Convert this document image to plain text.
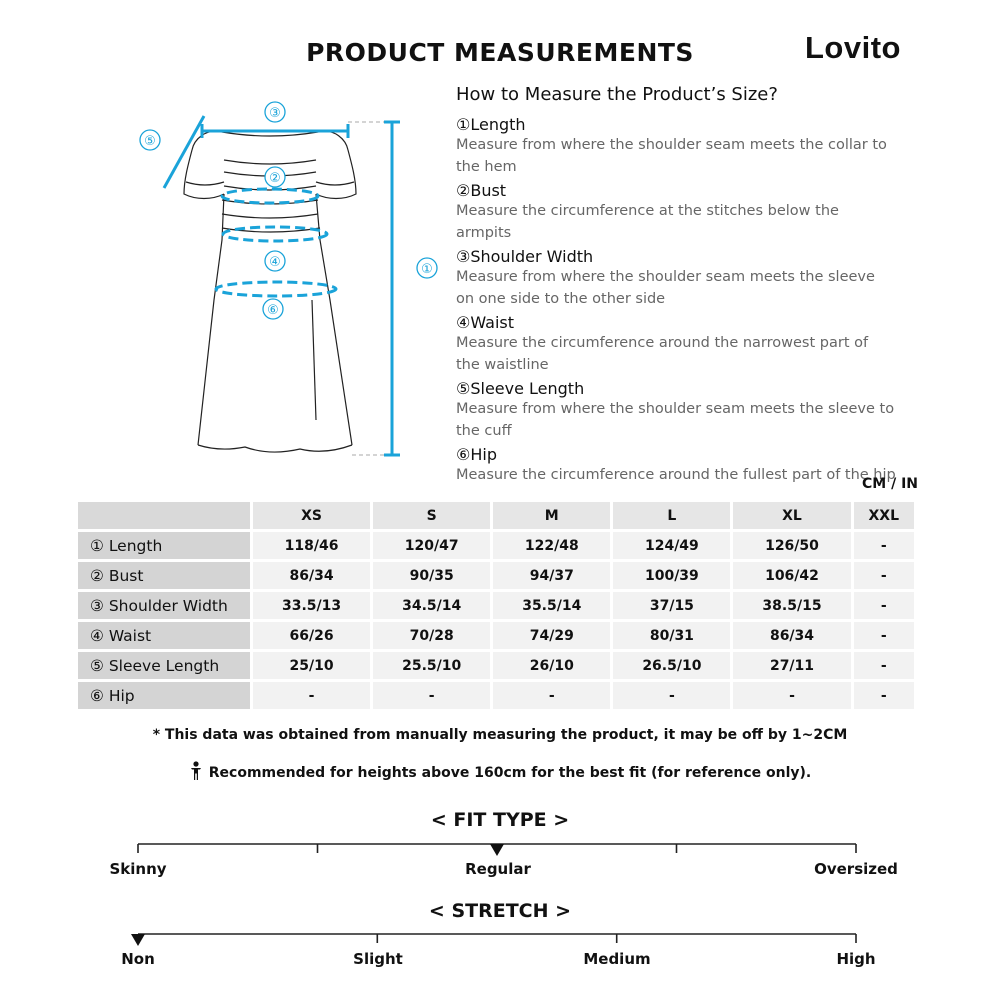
PRODUCT MEASUREMENTS	Lovito
③
⑤
②
④
⑥
①
How to Measure the Product’s Size?
①Length
Measure from where the shoulder seam meets the collar to the hem
②Bust
Measure the circumference at the stitches below the armpits
③Shoulder Width
Measure from where the shoulder seam meets the sleeve on one side to the other side
④Waist
Measure the circumference around the narrowest part of the waistline
⑤Sleeve Length
Measure from where the shoulder seam meets the sleeve to the cuff
⑥Hip
Measure the circumference around the fullest part of the hip
CM / IN
	XS	S	M	L	XL	XXL
① Length	118/46	120/47	122/48	124/49	126/50	-
② Bust	86/34	90/35	94/37	100/39	106/42	-
③ Shoulder Width	33.5/13	34.5/14	35.5/14	37/15	38.5/15	-
④ Waist	66/26	70/28	74/29	80/31	86/34	-
⑤ Sleeve Length	25/10	25.5/10	26/10	26.5/10	27/11	-
⑥ Hip	-	-	-	-	-	-
* This data was obtained from manually measuring the product, it may be off by 1~2CM
Recommended for heights above 160cm for the best fit (for reference only).
< FIT TYPE >
Skinny	Regular	Oversized
< STRETCH >
Non	Slight	Medium	High
